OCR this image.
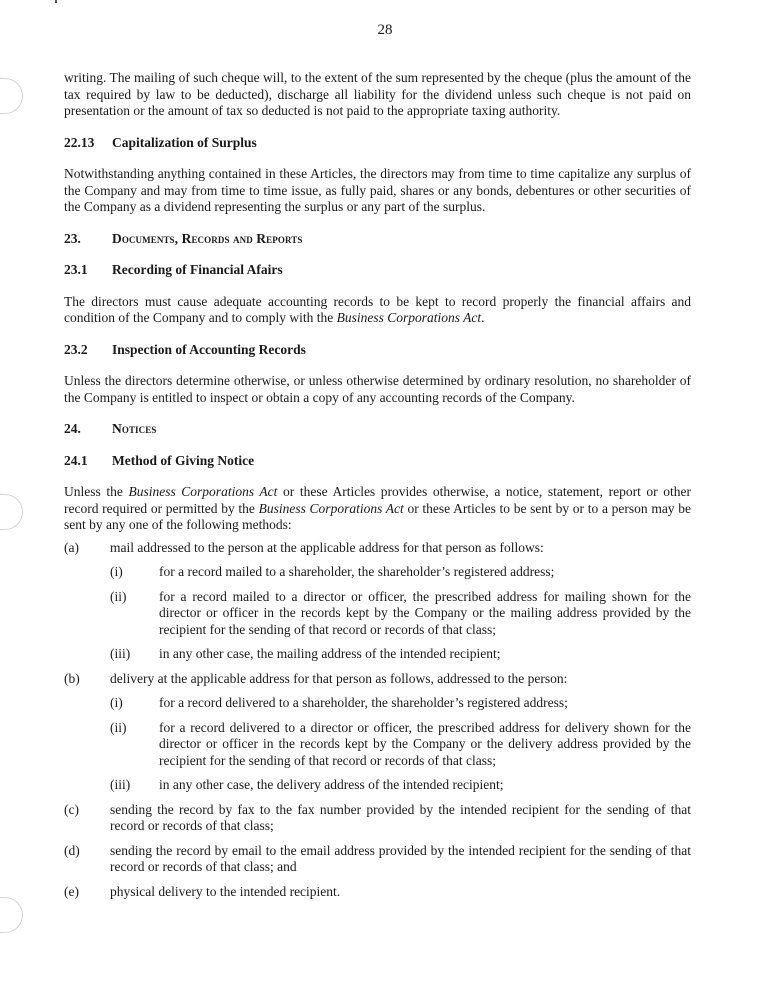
28

writing. The mailing of such cheque will, to the extent of the sum represented by the cheque (plus the amount of the tax required by law to be deducted), discharge all liability for the dividend unless such cheque is not paid on presentation or the amount of tax so deducted is not paid to the appropriate taxing authority.

22.13 Capitalization of Surplus

Notwithstanding anything contained in these Articles, the directors may from time to time capitalize any surplus of the Company and may from time to time issue, as fully paid, shares or any bonds, debentures or other securities of the Company as a dividend representing the surplus or any part of the surplus.

23. Documents, Records and Reports
23.1 Recording of Financial Afairs

The directors must cause adequate accounting records to be kept to record properly the financial affairs and condition of the Company and to comply with the Business Corporations Act.

23.2 Inspection of Accounting Records

Unless the directors determine otherwise, or unless otherwise determined by ordinary resolution, no shareholder of the Company is entitled to inspect or obtain a copy of any accounting records of the Company.

24. Notices
24.1 Method of Giving Notice

Unless the Business Corporations Act or these Articles provides otherwise, a notice, statement, report or other record required or permitted by the Business Corporations Act or these Articles to be sent by or to a person may be sent by any one of the following methods:

(a)	mail addressed to the person at the applicable address for that person as follows:
(i)	for a record mailed to a shareholder, the shareholder’s registered address;
(ii)	for a record mailed to a director or officer, the prescribed address for mailing shown for the director or officer in the records kept by the Company or the mailing address provided by the recipient for the sending of that record or records of that class;
(iii)	in any other case, the mailing address of the intended recipient;
(b)	delivery at the applicable address for that person as follows, addressed to the person:
(i)	for a record delivered to a shareholder, the shareholder’s registered address;
(ii)	for a record delivered to a director or officer, the prescribed address for delivery shown for the director or officer in the records kept by the Company or the delivery address provided by the recipient for the sending of that record or records of that class;
(iii)	in any other case, the delivery address of the intended recipient;
(c)	sending the record by fax to the fax number provided by the intended recipient for the sending of that record or records of that class;
(d)	sending the record by email to the email address provided by the intended recipient for the sending of that record or records of that class; and
(e)	physical delivery to the intended recipient.
